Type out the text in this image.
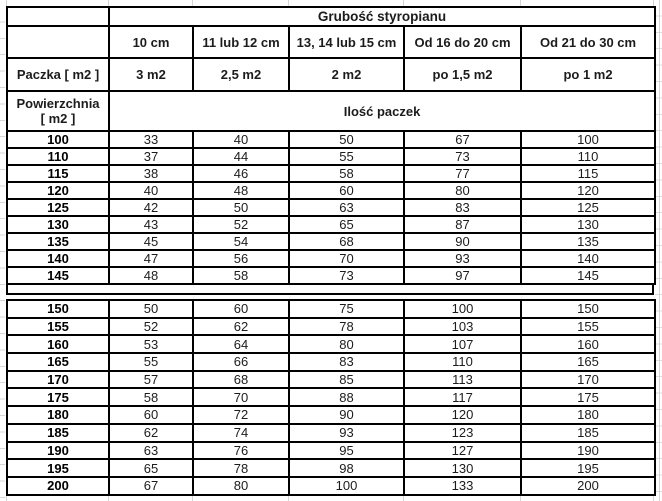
	Grubość styropianu				
	10 cm	11 lub 12 cm	13, 14 lub 15 cm	Od 16 do 20 cm	Od 21 do 30 cm
Paczka [ m2 ]	3 m2	2,5 m2	2 m2	po 1,5 m2	po 1 m2

Powierzchnia
[ m2 ]	Ilość paczek				
100	33	40	50	67	100
110	37	44	55	73	110
115	38	46	58	77	115
120	40	48	60	80	120
125	42	50	63	83	125
130	43	52	65	87	130
135	45	54	68	90	135
140	47	56	70	93	140
145	48	58	73	97	145
150	50	60	75	100	150
155	52	62	78	103	155
160	53	64	80	107	160
165	55	66	83	110	165
170	57	68	85	113	170
175	58	70	88	117	175
180	60	72	90	120	180
185	62	74	93	123	185
190	63	76	95	127	190
195	65	78	98	130	195
200	67	80	100	133	200
